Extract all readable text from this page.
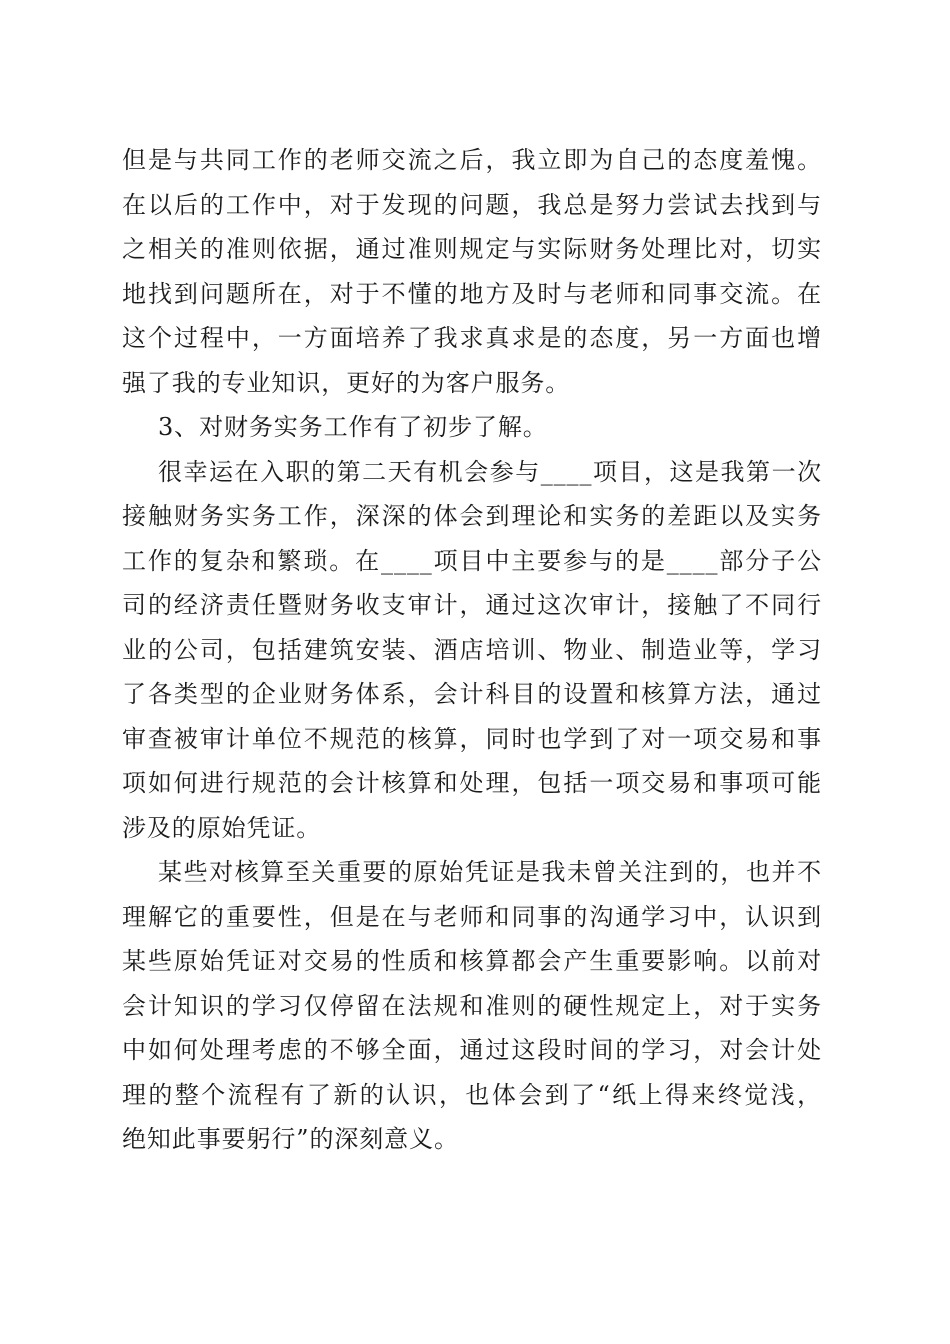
但是与共同工作的老师交流之后，我立即为自己的态度羞愧。
在以后的工作中，对于发现的问题，我总是努力尝试去找到与
之相关的准则依据，通过准则规定与实际财务处理比对，切实
地找到问题所在，对于不懂的地方及时与老师和同事交流。在
这个过程中，一方面培养了我求真求是的态度，另一方面也增
强了我的专业知识，更好的为客户服务。

3、对财务实务工作有了初步了解。

很幸运在入职的第二天有机会参与____项目，这是我第一次
接触财务实务工作，深深的体会到理论和实务的差距以及实务
工作的复杂和繁琐。在____项目中主要参与的是____部分子公
司的经济责任暨财务收支审计，通过这次审计，接触了不同行
业的公司，包括建筑安装、酒店培训、物业、制造业等，学习
了各类型的企业财务体系，会计科目的设置和核算方法，通过
审查被审计单位不规范的核算，同时也学到了对一项交易和事
项如何进行规范的会计核算和处理，包括一项交易和事项可能
涉及的原始凭证。

某些对核算至关重要的原始凭证是我未曾关注到的，也并不
理解它的重要性，但是在与老师和同事的沟通学习中，认识到
某些原始凭证对交易的性质和核算都会产生重要影响。以前对
会计知识的学习仅停留在法规和准则的硬性规定上，对于实务
中如何处理考虑的不够全面，通过这段时间的学习，对会计处
理的整个流程有了新的认识，也体会到了“纸上得来终觉浅，
绝知此事要躬行”的深刻意义。
